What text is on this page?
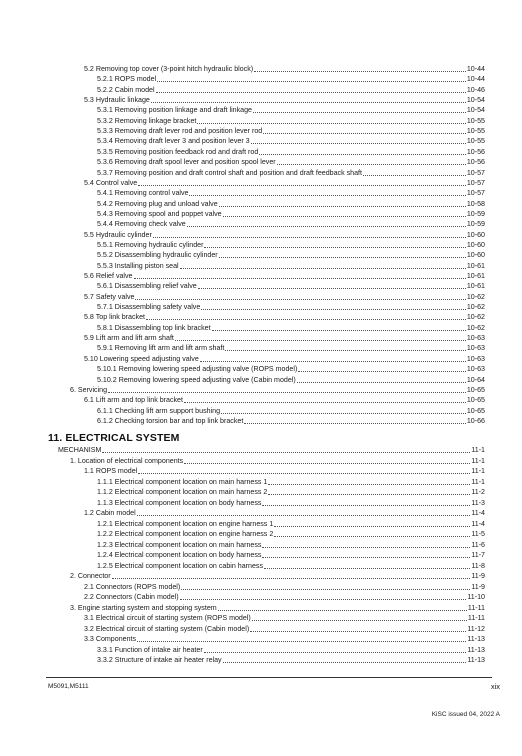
5.2 Removing top cover (3-point hitch hydraulic block)	10-44
5.2.1 ROPS model	10-44
5.2.2 Cabin model	10-46
5.3 Hydraulic linkage	10-54
5.3.1 Removing position linkage and draft linkage	10-54
5.3.2 Removing linkage bracket	10-55
5.3.3 Removing draft lever rod and position lever rod	10-55
5.3.4 Removing draft lever 3 and position lever 3	10-55
5.3.5 Removing position feedback rod and draft rod	10-56
5.3.6 Removing draft spool lever and position spool lever	10-56
5.3.7 Removing position and draft control shaft and position and draft feedback shaft	10-57
5.4 Control valve	10-57
5.4.1 Removing control valve	10-57
5.4.2 Removing plug and unload valve	10-58
5.4.3 Removing spool and poppet valve	10-59
5.4.4 Removing check valve	10-59
5.5 Hydraulic cylinder	10-60
5.5.1 Removing hydraulic cylinder	10-60
5.5.2 Disassembling hydraulic cylinder	10-60
5.5.3 Installing piston seal	10-61
5.6 Relief valve	10-61
5.6.1 Disassembling relief valve	10-61
5.7 Safety valve	10-62
5.7.1 Disassembling safety valve	10-62
5.8 Top link bracket	10-62
5.8.1 Disassembling top link bracket	10-62
5.9 Lift arm and lift arm shaft	10-63
5.9.1 Removing lift arm and lift arm shaft	10-63
5.10 Lowering speed adjusting valve	10-63
5.10.1 Removing lowering speed adjusting valve (ROPS model)	10-63
5.10.2 Removing lowering speed adjusting valve (Cabin model)	10-64
6. Servicing	10-65
6.1 Lift arm and top link bracket	10-65
6.1.1 Checking lift arm support bushing	10-65
6.1.2 Checking torsion bar and top link bracket	10-66
11. ELECTRICAL SYSTEM
MECHANISM	11-1
1. Location of electrical components	11-1
1.1 ROPS model	11-1
1.1.1 Electrical component location on main harness 1	11-1
1.1.2 Electrical component location on main harness 2	11-2
1.1.3 Electrical component location on body harness	11-3
1.2 Cabin model	11-4
1.2.1 Electrical component location on engine harness 1	11-4
1.2.2 Electrical component location on engine harness 2	11-5
1.2.3 Electrical component location on main harness	11-6
1.2.4 Electrical component location on body harness	11-7
1.2.5 Electrical component location on cabin harness	11-8
2. Connector	11-9
2.1 Connectors (ROPS model)	11-9
2.2 Connectors (Cabin model)	11-10
3. Engine starting system and stopping system	11-11
3.1 Electrical circuit of starting system (ROPS model)	11-11
3.2 Electrical circuit of starting system (Cabin model)	11-12
3.3 Components	11-13
3.3.1 Function of intake air heater	11-13
3.3.2 Structure of intake air heater relay	11-13
M5091,M5111	xix
KiSC issued 04, 2022 A
